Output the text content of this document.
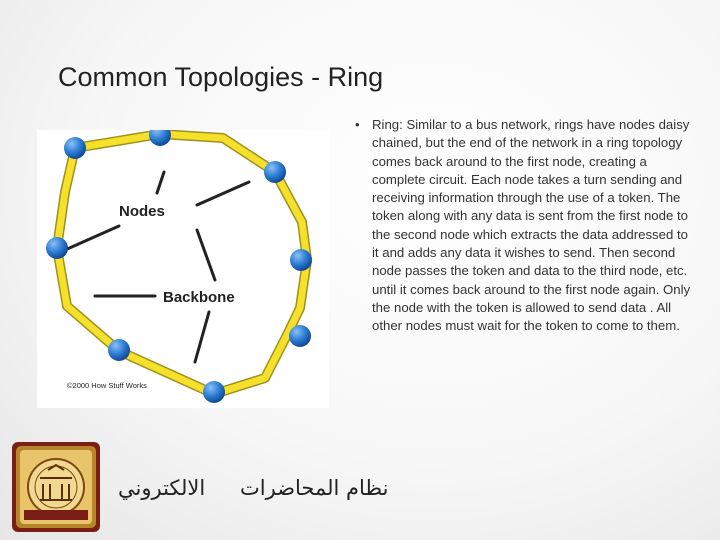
Common Topologies - Ring
Nodes
Backbone
©2000 How Stuff Works
• Ring: Similar to a bus network, rings have nodes daisy chained, but the end of the network in a ring topology comes back around to the first node, creating a complete circuit. Each node takes a turn sending and receiving information through the use of a token. The token along with any data is sent from the first node to the second node which extracts the data addressed to it and adds any data it wishes to send. Then second node passes the token and data to the third node, etc. until it comes back around to the first node again. Only the node with the token is allowed to send data . All other nodes must wait for the token to come to them.
الالكتروني نظام المحاضرات
